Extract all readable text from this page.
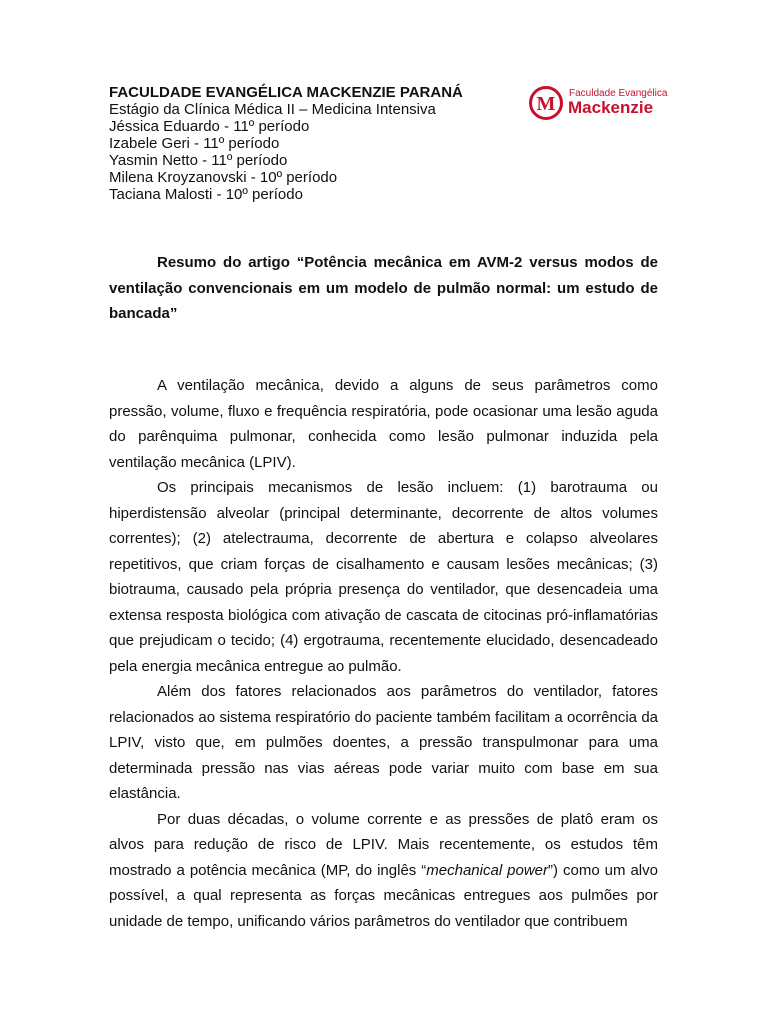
FACULDADE EVANGÉLICA MACKENZIE PARANÁ
Estágio da Clínica Médica II – Medicina Intensiva
Jéssica Eduardo - 11º período
Izabele Geri - 11º período
Yasmin Netto - 11º período
Milena Kroyzanovski - 10º período
Taciana Malosti - 10º período
M Faculdade Evangélica
Mackenzie
Resumo do artigo “Potência mecânica em AVM-2 versus modos de ventilação convencionais em um modelo de pulmão normal: um estudo de bancada”

A ventilação mecânica, devido a alguns de seus parâmetros como pressão, volume, fluxo e frequência respiratória, pode ocasionar uma lesão aguda do parênquima pulmonar, conhecida como lesão pulmonar induzida pela ventilação mecânica (LPIV).

Os principais mecanismos de lesão incluem: (1) barotrauma ou hiperdistensão alveolar (principal determinante, decorrente de altos volumes correntes); (2) atelectrauma, decorrente de abertura e colapso alveolares repetitivos, que criam forças de cisalhamento e causam lesões mecânicas; (3) biotrauma, causado pela própria presença do ventilador, que desencadeia uma extensa resposta biológica com ativação de cascata de citocinas pró-inflamatórias que prejudicam o tecido; (4) ergotrauma, recentemente elucidado, desencadeado pela energia mecânica entregue ao pulmão.

Além dos fatores relacionados aos parâmetros do ventilador, fatores relacionados ao sistema respiratório do paciente também facilitam a ocorrência da LPIV, visto que, em pulmões doentes, a pressão transpulmonar para uma determinada pressão nas vias aéreas pode variar muito com base em sua elastância.

Por duas décadas, o volume corrente e as pressões de platô eram os alvos para redução de risco de LPIV. Mais recentemente, os estudos têm mostrado a potência mecânica (MP, do inglês “mechanical power”) como um alvo possível, a qual representa as forças mecânicas entregues aos pulmões por unidade de tempo, unificando vários parâmetros do ventilador que contribuem
